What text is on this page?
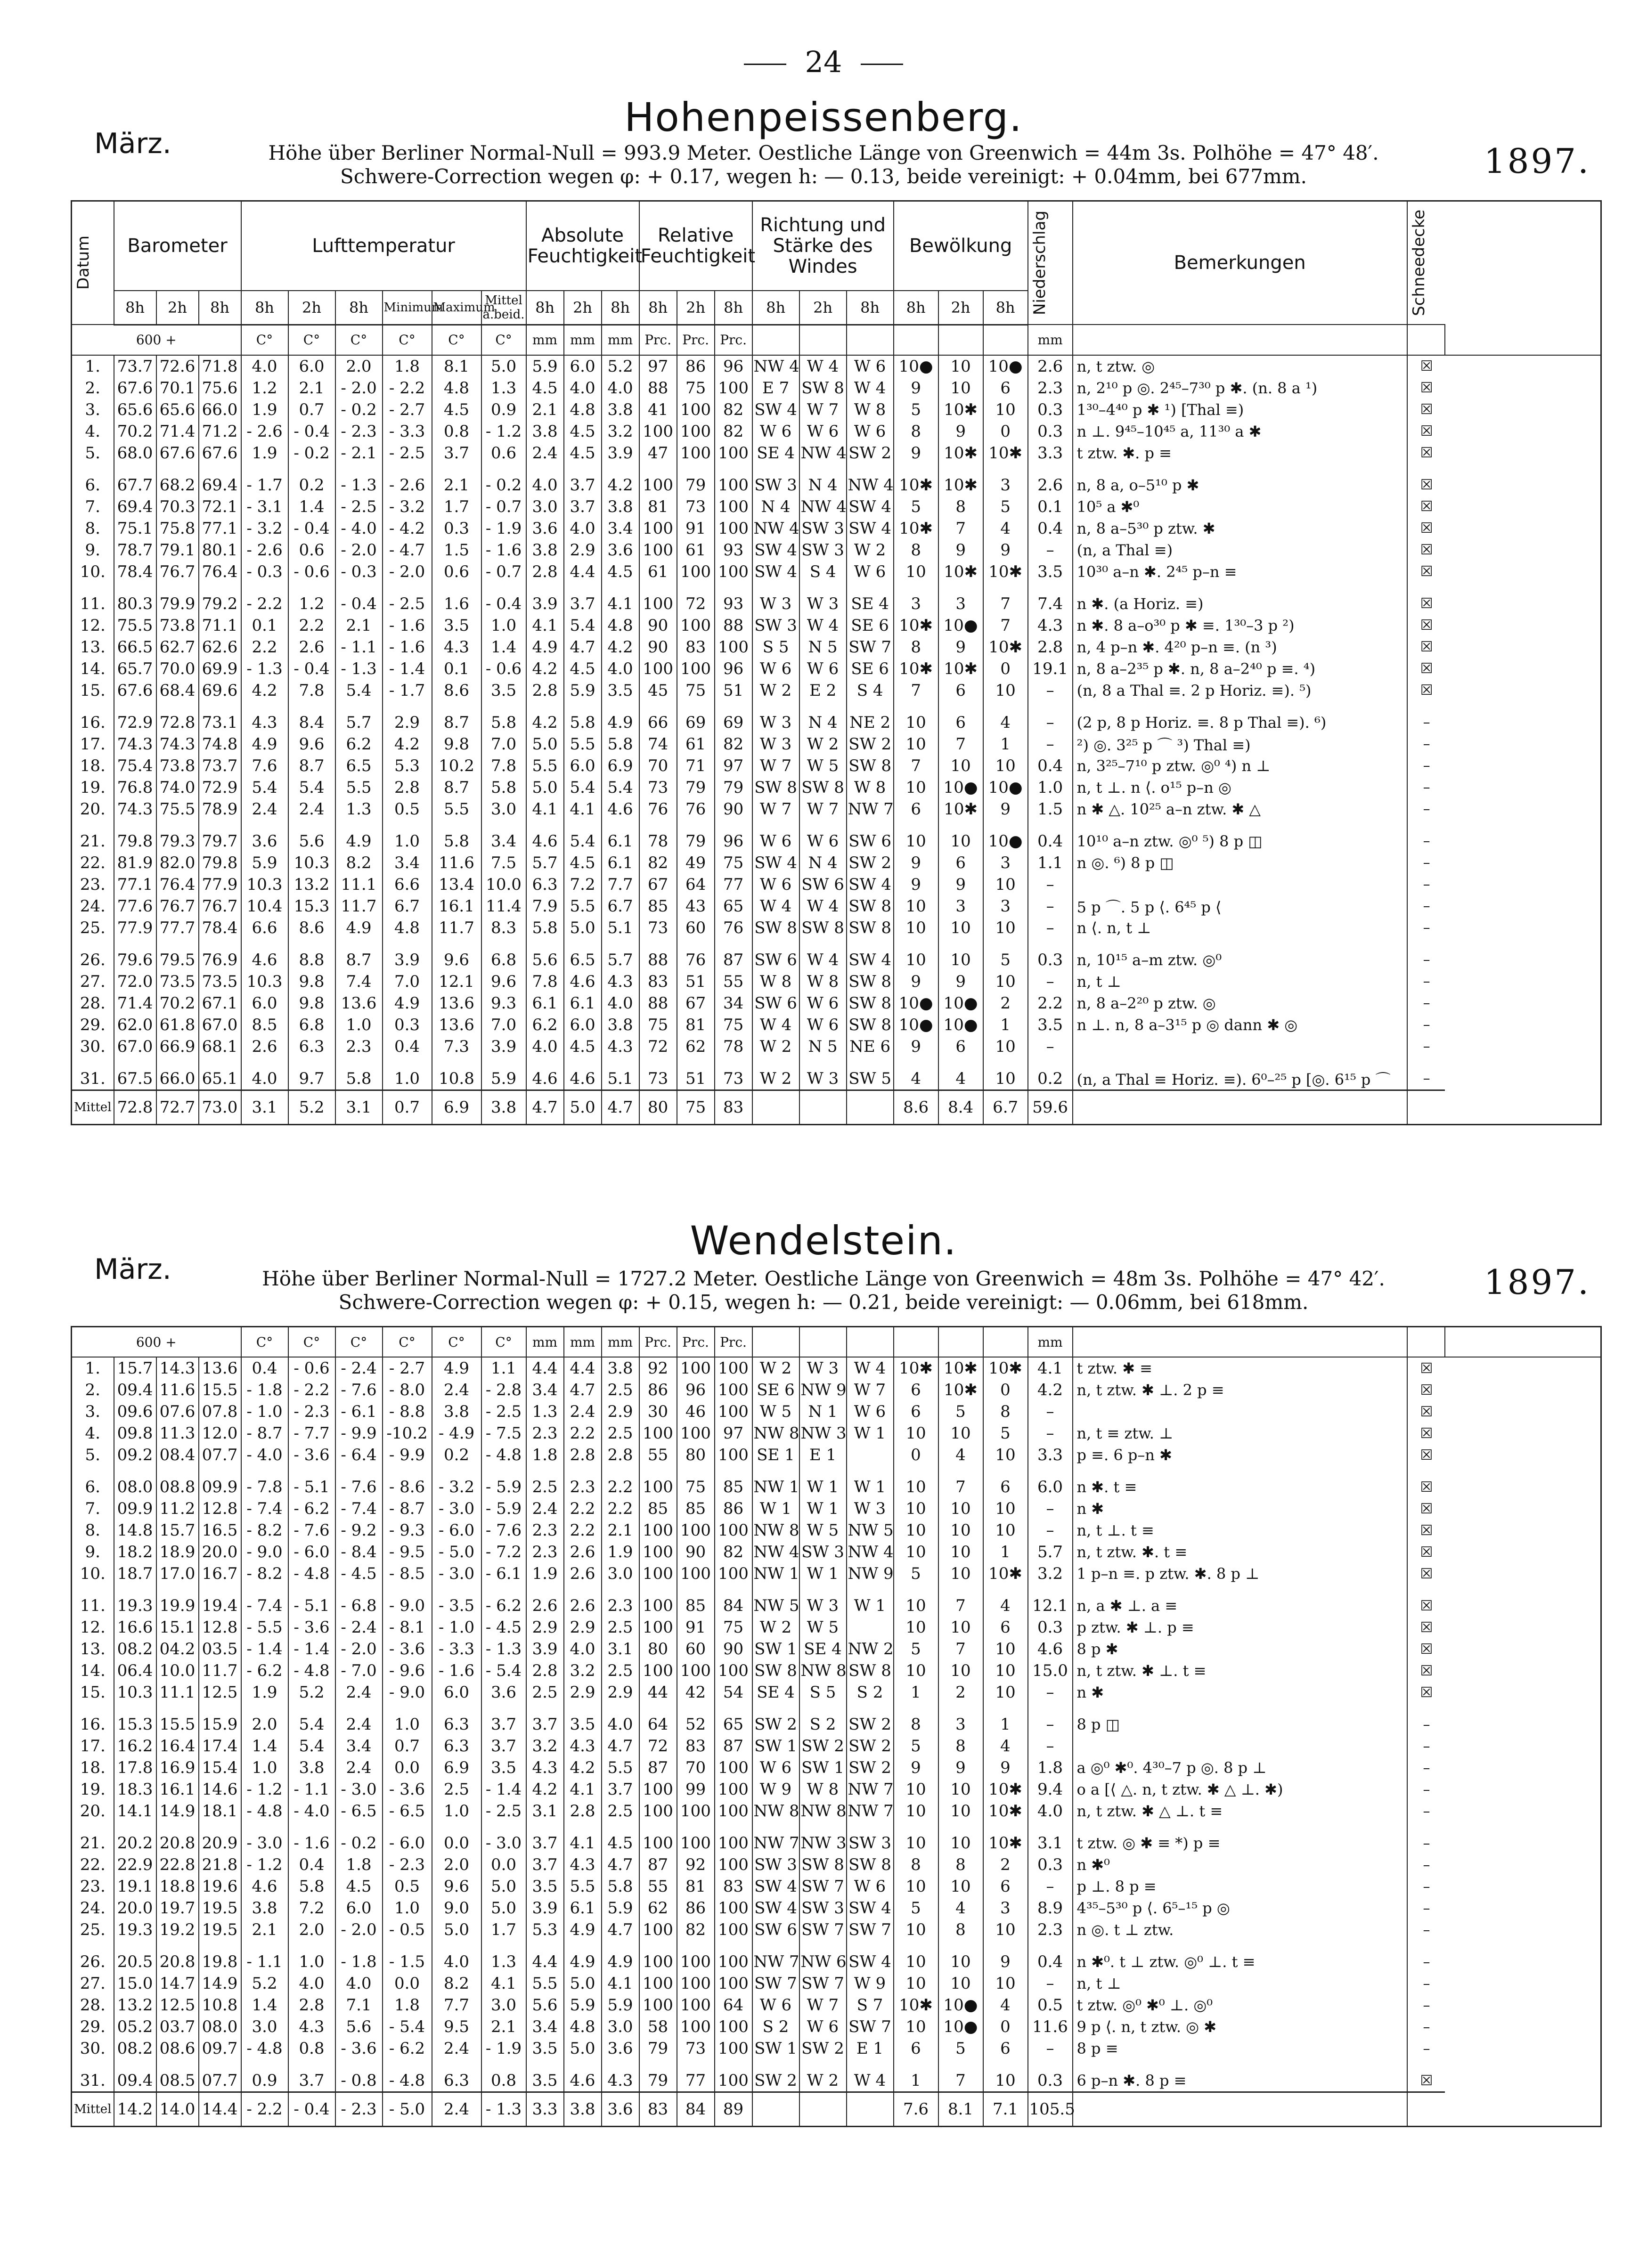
24
Hohenpeissenberg.
März.	1897.
Höhe über Berliner Normal-Null = 993.9 Meter. Oestliche Länge von Greenwich = 44m 3s. Polhöhe = 47° 48′.
Schwere-Correction wegen φ: + 0.17, wegen h: — 0.13, beide vereinigt: + 0.04mm, bei 677mm.
Datum	Barometer			Lufttemperatur						Absolute Feuchtigkeit			Relative Feuchtigkeit			Richtung und Stärke des Windes			Bewölkung			Niederschlag	Bemerkungen	Schneedecke	

	8h	2h	8h	8h	2h	8h	Minimum	Maximum	Mittel a.beid.	8h	2h	8h	8h	2h	8h	8h	2h	8h	8h	2h	8h				
600 +				C°	C°	C°	C°	C°	C°	mm	mm	mm	Prc.	Prc.	Prc.							mm			
1.	73.7	72.6	71.8	4.0	6.0	2.0	1.8	8.1	5.0	5.9	6.0	5.2	97	86	96	NW 4	W 4	W 6	10●	10	10●	2.6	n, t ztw. ◎	☒	
2.	67.6	70.1	75.6	1.2	2.1	- 2.0	- 2.2	4.8	1.3	4.5	4.0	4.0	88	75	100	E 7	SW 8	W 4	9	10	6	2.3	n, 2¹⁰ p ◎. 2⁴⁵–7³⁰ p ✱. (n. 8 a ¹)	☒	
3.	65.6	65.6	66.0	1.9	0.7	- 0.2	- 2.7	4.5	0.9	2.1	4.8	3.8	41	100	82	SW 4	W 7	W 8	5	10✱	10	0.3	1³⁰–4⁴⁰ p ✱ ¹) [Thal ≡)	☒	
4.	70.2	71.4	71.2	- 2.6	- 0.4	- 2.3	- 3.3	0.8	- 1.2	3.8	4.5	3.2	100	100	82	W 6	W 6	W 6	8	9	0	0.3	n ⊥. 9⁴⁵–10⁴⁵ a, 11³⁰ a ✱	☒	
5.	68.0	67.6	67.6	1.9	- 0.2	- 2.1	- 2.5	3.7	0.6	2.4	4.5	3.9	47	100	100	SE 4	NW 4	SW 2	9	10✱	10✱	3.3	t ztw. ✱. p ≡	☒	

6.	67.7	68.2	69.4	- 1.7	0.2	- 1.3	- 2.6	2.1	- 0.2	4.0	3.7	4.2	100	79	100	SW 3	N 4	NW 4	10✱	10✱	3	2.6	n, 8 a, o–5¹⁰ p ✱	☒	
7.	69.4	70.3	72.1	- 3.1	1.4	- 2.5	- 3.2	1.7	- 0.7	3.0	3.7	3.8	81	73	100	N 4	NW 4	SW 4	5	8	5	0.1	10⁵ a ✱⁰	☒	
8.	75.1	75.8	77.1	- 3.2	- 0.4	- 4.0	- 4.2	0.3	- 1.9	3.6	4.0	3.4	100	91	100	NW 4	SW 3	SW 4	10✱	7	4	0.4	n, 8 a–5³⁰ p ztw. ✱	☒	
9.	78.7	79.1	80.1	- 2.6	0.6	- 2.0	- 4.7	1.5	- 1.6	3.8	2.9	3.6	100	61	93	SW 4	SW 3	W 2	8	9	9	–	(n, a Thal ≡)	☒	
10.	78.4	76.7	76.4	- 0.3	- 0.6	- 0.3	- 2.0	0.6	- 0.7	2.8	4.4	4.5	61	100	100	SW 4	S 4	W 6	10	10✱	10✱	3.5	10³⁰ a–n ✱. 2⁴⁵ p–n ≡	☒	

11.	80.3	79.9	79.2	- 2.2	1.2	- 0.4	- 2.5	1.6	- 0.4	3.9	3.7	4.1	100	72	93	W 3	W 3	SE 4	3	3	7	7.4	n ✱. (a Horiz. ≡)	☒	
12.	75.5	73.8	71.1	0.1	2.2	2.1	- 1.6	3.5	1.0	4.1	5.4	4.8	90	100	88	SW 3	W 4	SE 6	10✱	10●	7	4.3	n ✱. 8 a–o³⁰ p ✱ ≡. 1³⁰–3 p ²)	☒	
13.	66.5	62.7	62.6	2.2	2.6	- 1.1	- 1.6	4.3	1.4	4.9	4.7	4.2	90	83	100	S 5	N 5	SW 7	8	9	10✱	2.8	n, 4 p–n ✱. 4²⁰ p–n ≡. (n ³)	☒	
14.	65.7	70.0	69.9	- 1.3	- 0.4	- 1.3	- 1.4	0.1	- 0.6	4.2	4.5	4.0	100	100	96	W 6	W 6	SE 6	10✱	10✱	0	19.1	n, 8 a–2³⁵ p ✱. n, 8 a–2⁴⁰ p ≡. ⁴)	☒	
15.	67.6	68.4	69.6	4.2	7.8	5.4	- 1.7	8.6	3.5	2.8	5.9	3.5	45	75	51	W 2	E 2	S 4	7	6	10	–	(n, 8 a Thal ≡. 2 p Horiz. ≡). ⁵)	☒	

16.	72.9	72.8	73.1	4.3	8.4	5.7	2.9	8.7	5.8	4.2	5.8	4.9	66	69	69	W 3	N 4	NE 2	10	6	4	–	(2 p, 8 p Horiz. ≡. 8 p Thal ≡). ⁶)	–	
17.	74.3	74.3	74.8	4.9	9.6	6.2	4.2	9.8	7.0	5.0	5.5	5.8	74	61	82	W 3	W 2	SW 2	10	7	1	–	²) ◎. 3²⁵ p ⌒ ³) Thal ≡)	–	
18.	75.4	73.8	73.7	7.6	8.7	6.5	5.3	10.2	7.8	5.5	6.0	6.9	70	71	97	W 7	W 5	SW 8	7	10	10	0.4	n, 3²⁵–7¹⁰ p ztw. ◎⁰ ⁴) n ⊥	–	
19.	76.8	74.0	72.9	5.4	5.4	5.5	2.8	8.7	5.8	5.0	5.4	5.4	73	79	79	SW 8	SW 8	W 8	10	10●	10●	1.0	n, t ⊥. n ⟨. o¹⁵ p–n ◎	–	
20.	74.3	75.5	78.9	2.4	2.4	1.3	0.5	5.5	3.0	4.1	4.1	4.6	76	76	90	W 7	W 7	NW 7	6	10✱	9	1.5	n ✱ △. 10²⁵ a–n ztw. ✱ △	–	

21.	79.8	79.3	79.7	3.6	5.6	4.9	1.0	5.8	3.4	4.6	5.4	6.1	78	79	96	W 6	W 6	SW 6	10	10	10●	0.4	10¹⁰ a–n ztw. ◎⁰ ⁵) 8 p ◫	–	
22.	81.9	82.0	79.8	5.9	10.3	8.2	3.4	11.6	7.5	5.7	4.5	6.1	82	49	75	SW 4	N 4	SW 2	9	6	3	1.1	n ◎. ⁶) 8 p ◫	–	
23.	77.1	76.4	77.9	10.3	13.2	11.1	6.6	13.4	10.0	6.3	7.2	7.7	67	64	77	W 6	SW 6	SW 4	9	9	10	–		–	
24.	77.6	76.7	76.7	10.4	15.3	11.7	6.7	16.1	11.4	7.9	5.5	6.7	85	43	65	W 4	W 4	SW 8	10	3	3	–	5 p ⌒. 5 p ⟨. 6⁴⁵ p ⟨	–	
25.	77.9	77.7	78.4	6.6	8.6	4.9	4.8	11.7	8.3	5.8	5.0	5.1	73	60	76	SW 8	SW 8	SW 8	10	10	10	–	n ⟨. n, t ⊥	–	

26.	79.6	79.5	76.9	4.6	8.8	8.7	3.9	9.6	6.8	5.6	6.5	5.7	88	76	87	SW 6	W 4	SW 4	10	10	5	0.3	n, 10¹⁵ a–m ztw. ◎⁰	–	
27.	72.0	73.5	73.5	10.3	9.8	7.4	7.0	12.1	9.6	7.8	4.6	4.3	83	51	55	W 8	W 8	SW 8	9	9	10	–	n, t ⊥	–	
28.	71.4	70.2	67.1	6.0	9.8	13.6	4.9	13.6	9.3	6.1	6.1	4.0	88	67	34	SW 6	W 6	SW 8	10●	10●	2	2.2	n, 8 a–2²⁰ p ztw. ◎	–	
29.	62.0	61.8	67.0	8.5	6.8	1.0	0.3	13.6	7.0	6.2	6.0	3.8	75	81	75	W 4	W 6	SW 8	10●	10●	1	3.5	n ⊥. n, 8 a–3¹⁵ p ◎ dann ✱ ◎	–	
30.	67.0	66.9	68.1	2.6	6.3	2.3	0.4	7.3	3.9	4.0	4.5	4.3	72	62	78	W 2	N 5	NE 6	9	6	10	–		–	

31.	67.5	66.0	65.1	4.0	9.7	5.8	1.0	10.8	5.9	4.6	4.6	5.1	73	51	73	W 2	W 3	SW 5	4	4	10	0.2	(n, a Thal ≡ Horiz. ≡). 6⁰–²⁵ p [◎. 6¹⁵ p ⌒	–	
Mittel	72.8	72.7	73.0	3.1	5.2	3.1	0.7	6.9	3.8	4.7	5.0	4.7	80	75	83				8.6	8.4	6.7	59.6			
Wendelstein.
März.	1897.
Höhe über Berliner Normal-Null = 1727.2 Meter. Oestliche Länge von Greenwich = 48m 3s. Polhöhe = 47° 42′.
Schwere-Correction wegen φ: + 0.15, wegen h: — 0.21, beide vereinigt: — 0.06mm, bei 618mm.
600 +				C°	C°	C°	C°	C°	C°	mm	mm	mm	Prc.	Prc.	Prc.							mm			
1.	15.7	14.3	13.6	0.4	- 0.6	- 2.4	- 2.7	4.9	1.1	4.4	4.4	3.8	92	100	100	W 2	W 3	W 4	10✱	10✱	10✱	4.1	t ztw. ✱ ≡	☒	
2.	09.4	11.6	15.5	- 1.8	- 2.2	- 7.6	- 8.0	2.4	- 2.8	3.4	4.7	2.5	86	96	100	SE 6	NW 9	W 7	6	10✱	0	4.2	n, t ztw. ✱ ⊥. 2 p ≡	☒	
3.	09.6	07.6	07.8	- 1.0	- 2.3	- 6.1	- 8.8	3.8	- 2.5	1.3	2.4	2.9	30	46	100	W 5	N 1	W 6	6	5	8	–		☒	
4.	09.8	11.3	12.0	- 8.7	- 7.7	- 9.9	-10.2	- 4.9	- 7.5	2.3	2.2	2.5	100	100	97	NW 8	NW 3	W 1	10	10	5	–	n, t ≡ ztw. ⊥	☒	
5.	09.2	08.4	07.7	- 4.0	- 3.6	- 6.4	- 9.9	0.2	- 4.8	1.8	2.8	2.8	55	80	100	SE 1	E 1		0	4	10	3.3	p ≡. 6 p–n ✱	☒	

6.	08.0	08.8	09.9	- 7.8	- 5.1	- 7.6	- 8.6	- 3.2	- 5.9	2.5	2.3	2.2	100	75	85	NW 1	W 1	W 1	10	7	6	6.0	n ✱. t ≡	☒	
7.	09.9	11.2	12.8	- 7.4	- 6.2	- 7.4	- 8.7	- 3.0	- 5.9	2.4	2.2	2.2	85	85	86	W 1	W 1	W 3	10	10	10	–	n ✱	☒	
8.	14.8	15.7	16.5	- 8.2	- 7.6	- 9.2	- 9.3	- 6.0	- 7.6	2.3	2.2	2.1	100	100	100	NW 8	W 5	NW 5	10	10	10	–	n, t ⊥. t ≡	☒	
9.	18.2	18.9	20.0	- 9.0	- 6.0	- 8.4	- 9.5	- 5.0	- 7.2	2.3	2.6	1.9	100	90	82	NW 4	SW 3	NW 4	10	10	1	5.7	n, t ztw. ✱. t ≡	☒	
10.	18.7	17.0	16.7	- 8.2	- 4.8	- 4.5	- 8.5	- 3.0	- 6.1	1.9	2.6	3.0	100	100	100	NW 1	W 1	NW 9	5	10	10✱	3.2	1 p–n ≡. p ztw. ✱. 8 p ⊥	☒	

11.	19.3	19.9	19.4	- 7.4	- 5.1	- 6.8	- 9.0	- 3.5	- 6.2	2.6	2.6	2.3	100	85	84	NW 5	W 3	W 1	10	7	4	12.1	n, a ✱ ⊥. a ≡	☒	
12.	16.6	15.1	12.8	- 5.5	- 3.6	- 2.4	- 8.1	- 1.0	- 4.5	2.9	2.9	2.5	100	91	75	W 2	W 5		10	10	6	0.3	p ztw. ✱ ⊥. p ≡	☒	
13.	08.2	04.2	03.5	- 1.4	- 1.4	- 2.0	- 3.6	- 3.3	- 1.3	3.9	4.0	3.1	80	60	90	SW 1	SE 4	NW 2	5	7	10	4.6	8 p ✱	☒	
14.	06.4	10.0	11.7	- 6.2	- 4.8	- 7.0	- 9.6	- 1.6	- 5.4	2.8	3.2	2.5	100	100	100	SW 8	NW 8	SW 8	10	10	10	15.0	n, t ztw. ✱ ⊥. t ≡	☒	
15.	10.3	11.1	12.5	1.9	5.2	2.4	- 9.0	6.0	3.6	2.5	2.9	2.9	44	42	54	SE 4	S 5	S 2	1	2	10	–	n ✱	☒	

16.	15.3	15.5	15.9	2.0	5.4	2.4	1.0	6.3	3.7	3.7	3.5	4.0	64	52	65	SW 2	S 2	SW 2	8	3	1	–	8 p ◫	–	
17.	16.2	16.4	17.4	1.4	5.4	3.4	0.7	6.3	3.7	3.2	4.3	4.7	72	83	87	SW 1	SW 2	SW 2	5	8	4	–		–	
18.	17.8	16.9	15.4	1.0	3.8	2.4	0.0	6.9	3.5	4.3	4.2	5.5	87	70	100	W 6	SW 1	SW 2	9	9	9	1.8	a ◎⁰ ✱⁰. 4³⁰–7 p ◎. 8 p ⊥	–	
19.	18.3	16.1	14.6	- 1.2	- 1.1	- 3.0	- 3.6	2.5	- 1.4	4.2	4.1	3.7	100	99	100	W 9	W 8	NW 7	10	10	10✱	9.4	o a [⟨ △. n, t ztw. ✱ △ ⊥. ✱)	–	
20.	14.1	14.9	18.1	- 4.8	- 4.0	- 6.5	- 6.5	1.0	- 2.5	3.1	2.8	2.5	100	100	100	NW 8	NW 8	NW 7	10	10	10✱	4.0	n, t ztw. ✱ △ ⊥. t ≡	–	

21.	20.2	20.8	20.9	- 3.0	- 1.6	- 0.2	- 6.0	0.0	- 3.0	3.7	4.1	4.5	100	100	100	NW 7	NW 3	SW 3	10	10	10✱	3.1	t ztw. ◎ ✱ ≡ *) p ≡	–	
22.	22.9	22.8	21.8	- 1.2	0.4	1.8	- 2.3	2.0	0.0	3.7	4.3	4.7	87	92	100	SW 3	SW 8	SW 8	8	8	2	0.3	n ✱⁰	–	
23.	19.1	18.8	19.6	4.6	5.8	4.5	0.5	9.6	5.0	3.5	5.5	5.8	55	81	83	SW 4	SW 7	W 6	10	10	6	–	p ⊥. 8 p ≡	–	
24.	20.0	19.7	19.5	3.8	7.2	6.0	1.0	9.0	5.0	3.9	6.1	5.9	62	86	100	SW 4	SW 3	SW 4	5	4	3	8.9	4³⁵–5³⁰ p ⟨. 6⁵–¹⁵ p ◎	–	
25.	19.3	19.2	19.5	2.1	2.0	- 2.0	- 0.5	5.0	1.7	5.3	4.9	4.7	100	82	100	SW 6	SW 7	SW 7	10	8	10	2.3	n ◎. t ⊥ ztw.	–	

26.	20.5	20.8	19.8	- 1.1	1.0	- 1.8	- 1.5	4.0	1.3	4.4	4.9	4.9	100	100	100	NW 7	NW 6	SW 4	10	10	9	0.4	n ✱⁰. t ⊥ ztw. ◎⁰ ⊥. t ≡	–	
27.	15.0	14.7	14.9	5.2	4.0	4.0	0.0	8.2	4.1	5.5	5.0	4.1	100	100	100	SW 7	SW 7	W 9	10	10	10	–	n, t ⊥	–	
28.	13.2	12.5	10.8	1.4	2.8	7.1	1.8	7.7	3.0	5.6	5.9	5.9	100	100	64	W 6	W 7	S 7	10✱	10●	4	0.5	t ztw. ◎⁰ ✱⁰ ⊥. ◎⁰	–	
29.	05.2	03.7	08.0	3.0	4.3	5.6	- 5.4	9.5	2.1	3.4	4.8	3.0	58	100	100	S 2	W 6	SW 7	10	10●	0	11.6	9 p ⟨. n, t ztw. ◎ ✱	–	
30.	08.2	08.6	09.7	- 4.8	0.8	- 3.6	- 6.2	2.4	- 1.9	3.5	5.0	3.6	79	73	100	SW 1	SW 2	E 1	6	5	6	–	8 p ≡	–	

31.	09.4	08.5	07.7	0.9	3.7	- 0.8	- 4.8	6.3	0.8	3.5	4.6	4.3	79	77	100	SW 2	W 2	W 4	1	7	10	0.3	6 p–n ✱. 8 p ≡	☒	
Mittel	14.2	14.0	14.4	- 2.2	- 0.4	- 2.3	- 5.0	2.4	- 1.3	3.3	3.8	3.6	83	84	89				7.6	8.1	7.1	105.5			
